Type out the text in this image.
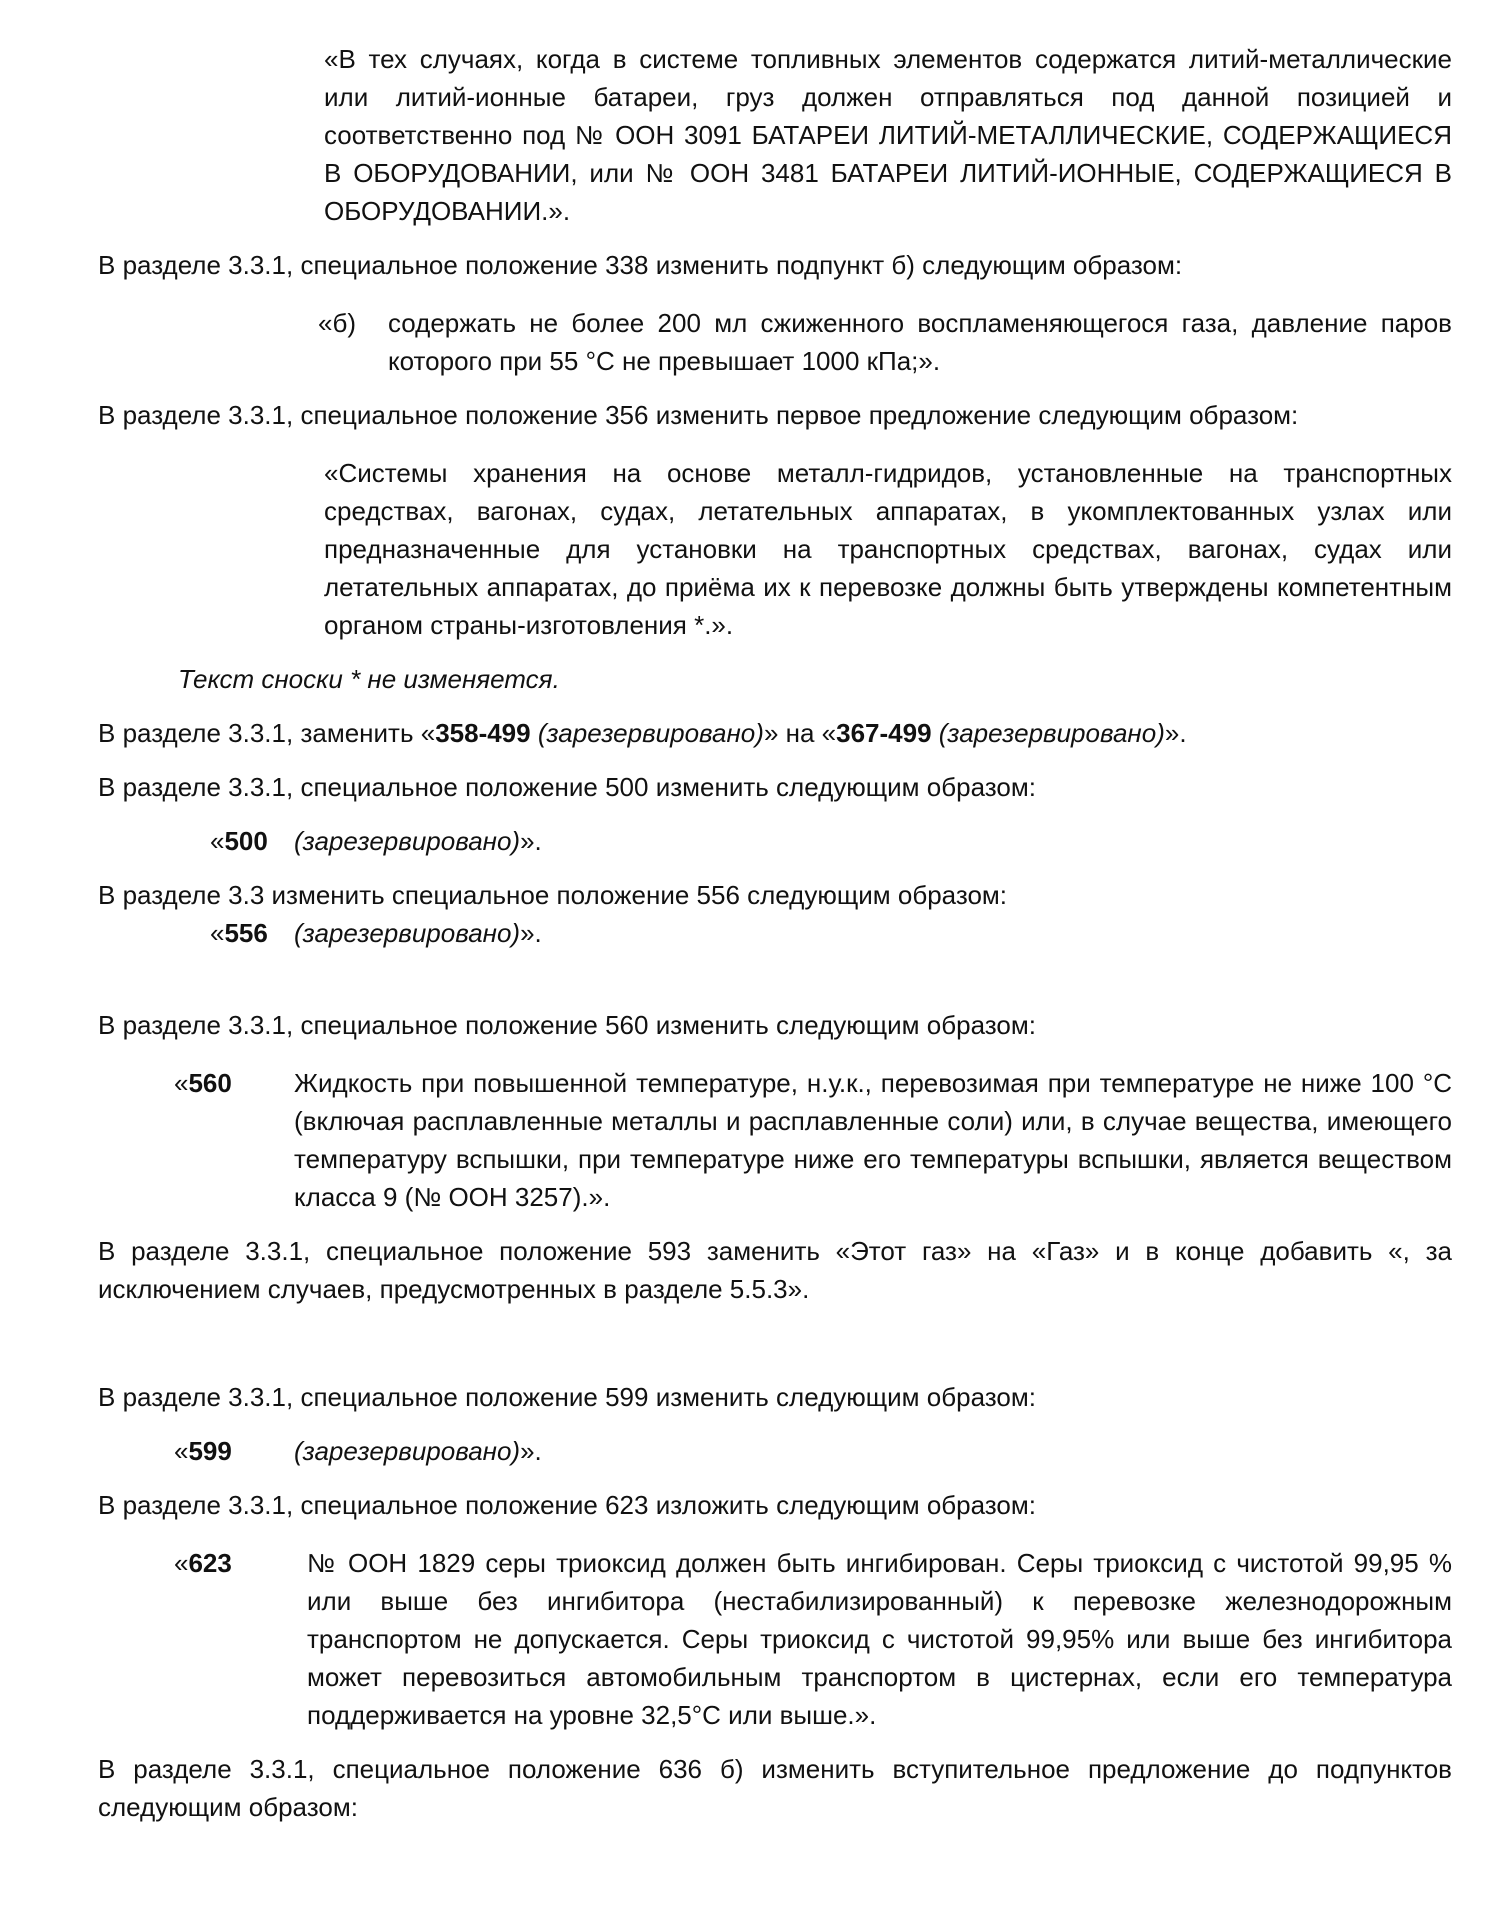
«В тех случаях, когда в системе топливных элементов содержатся литий-металлические или литий-ионные батареи, груз должен отправляться под данной позицией и соответственно под № ООН 3091 БАТАРЕИ ЛИТИЙ-МЕТАЛЛИЧЕСКИЕ, СОДЕРЖАЩИЕСЯ В ОБОРУДОВАНИИ, или № ООН 3481 БАТАРЕИ ЛИТИЙ-ИОННЫЕ, СОДЕРЖАЩИЕСЯ В ОБОРУДОВАНИИ.».

В разделе 3.3.1, специальное положение 338 изменить подпункт б) следующим образом:

«б)	содержать не более 200 мл сжиженного воспламеняющегося газа, давление паров которого при 55 °С не превышает 1000 кПа;».

В разделе 3.3.1, специальное положение 356 изменить первое предложение следующим образом:

«Системы хранения на основе металл-гидридов, установленные на транспортных средствах, вагонах, судах, летательных аппаратах, в укомплектованных узлах или предназначенные для установки на транспортных средствах, вагонах, судах или летательных аппаратах, до приёма их к перевозке должны быть утверждены компетентным органом страны-изготовления *.».

Текст сноски * не изменяется.

В разделе 3.3.1, заменить «358-499 (зарезервировано)» на «367-499 (зарезервировано)».

В разделе 3.3.1, специальное положение 500 изменить следующим образом:

«500	(зарезервировано)».

В разделе 3.3 изменить специальное положение 556 следующим образом:

«556	(зарезервировано)».

В разделе 3.3.1, специальное положение 560 изменить следующим образом:

«560	Жидкость при повышенной температуре, н.у.к., перевозимая при температуре не ниже 100 °С (включая расплавленные металлы и расплавленные соли) или, в случае вещества, имеющего температуру вспышки, при температуре ниже его температуры вспышки, является веществом класса 9 (№ ООН 3257).».

В разделе 3.3.1, специальное положение 593 заменить «Этот газ» на «Газ» и в конце добавить «, за исключением случаев, предусмотренных в разделе 5.5.3».

В разделе 3.3.1, специальное положение 599 изменить следующим образом:

«599	(зарезервировано)».

В разделе 3.3.1, специальное положение 623 изложить следующим образом:

«623	№ ООН 1829 серы триоксид должен быть ингибирован. Серы триоксид с чистотой 99,95 % или выше без ингибитора (нестабилизированный) к перевозке железнодорожным транспортом не допускается. Серы триоксид с чистотой 99,95% или выше без ингибитора может перевозиться автомобильным транспортом в цистернах, если его температура поддерживается на уровне 32,5°С или выше.».

В разделе 3.3.1, специальное положение 636 б) изменить вступительное предложение до подпунктов следующим образом:
